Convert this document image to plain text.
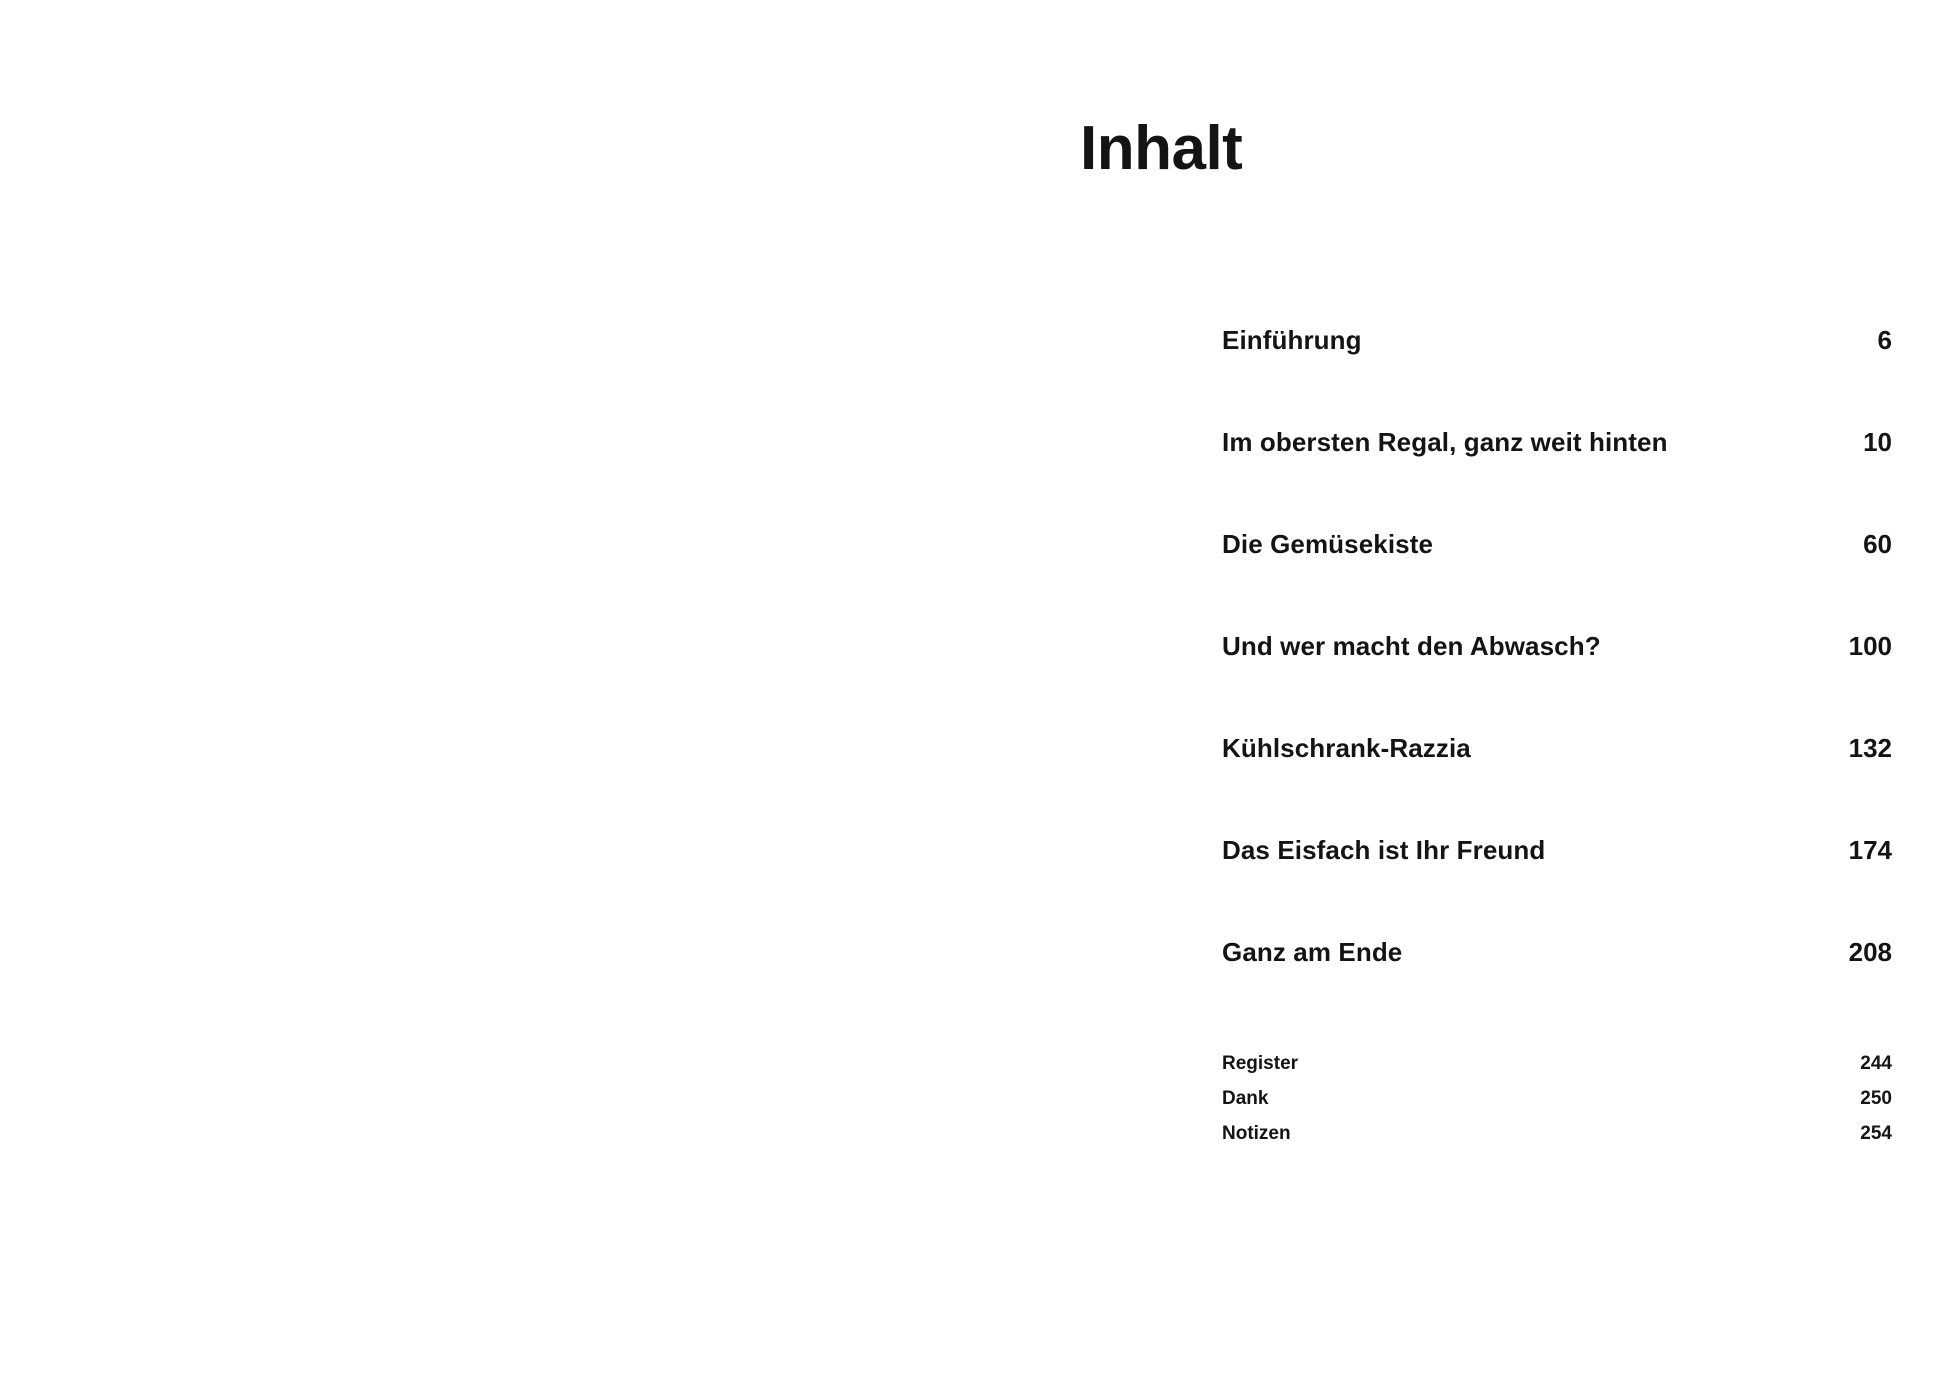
Inhalt
Einführung	6
Im obersten Regal, ganz weit hinten	10
Die Gemüsekiste	60
Und wer macht den Abwasch?	100
Kühlschrank-Razzia	132
Das Eisfach ist Ihr Freund	174
Ganz am Ende	208
Register	244
Dank	250
Notizen	254
